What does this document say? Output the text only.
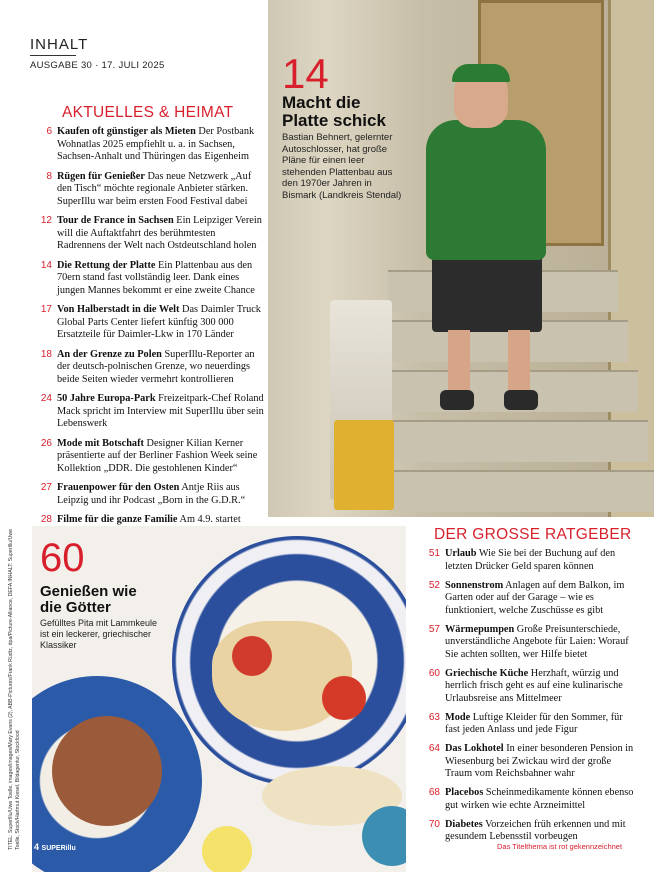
INHALT
AUSGABE 30 · 17. JULI 2025
AKTUELLES & HEIMAT
6 Kaufen oft günstiger als Mieten Der Postbank Wohnatlas 2025 empfiehlt u. a. in Sachsen, Sachsen-Anhalt und Thüringen das Eigenheim
8 Rügen für Genießer Das neue Netzwerk „Auf den Tisch“ möchte regionale Anbieter stärken. SuperIllu war beim ersten Food Festival dabei
12 Tour de France in Sachsen Ein Leipziger Verein will die Auftaktfahrt des berühmtesten Radrennens der Welt nach Ostdeutschland holen
14 Die Rettung der Platte Ein Plattenbau aus den 70ern stand fast vollständig leer. Dank eines jungen Mannes bekommt er eine zweite Chance
17 Von Halberstadt in die Welt Das Daimler Truck Global Parts Center liefert künftig 300 000 Ersatzteile für Daimler-Lkw in 170 Länder
18 An der Grenze zu Polen SuperIllu-Reporter an der deutsch-polnischen Grenze, wo neuerdings beide Seiten wieder vermehrt kontrollieren
24 50 Jahre Europa-Park Freizeitpark-Chef Roland Mack spricht im Interview mit SuperIllu über sein Lebenswerk
26 Mode mit Botschaft Designer Kilian Kerner präsentierte auf der Berliner Fashion Week seine Kollektion „DDR. Die gestohlenen Kinder“
27 Frauenpower für den Osten Antje Riis aus Leipzig und ihr Podcast „Born in the G.D.R.“
28 Filme für die ganze Familie Am 4.9. startet
14
Macht die
Platte schick
Bastian Behnert, gelernter Autoschlosser, hat große Pläne für einen leer stehenden Plattenbau aus den 1970er Jahren in Bismark (Landkreis Stendal)
60
Genießen wie
die Götter
Gefülltes Pita mit Lammkeule ist ein leckerer, griechischer Klassiker
TITEL: SuperIllu/Uwe Toelle, images/images/Mary Evans (2), ABB-Pictures/Frank Rüdtz, dpa/Picture-Alliance, DEFA INHALT: SuperIllu/Uwe Toelle, Stock/Hartmut Kiesel, Bildagentur, Stockfood 4 SUPERillu
DER GROSSE RATGEBER
51 Urlaub Wie Sie bei der Buchung auf den letzten Drücker Geld sparen können
52 Sonnenstrom Anlagen auf dem Balkon, im Garten oder auf der Garage – wie es funktioniert, welche Zuschüsse es gibt
57 Wärmepumpen Große Preisunterschiede, unverständliche Angebote für Laien: Worauf Sie achten sollten, wer Hilfe bietet
60 Griechische Küche Herzhaft, würzig und herrlich frisch geht es auf eine kulinarische Urlaubsreise ans Mittelmeer
63 Mode Luftige Kleider für den Sommer, für fast jeden Anlass und jede Figur
64 Das Lokhotel In einer besonderen Pension in Wiesenburg bei Zwickau wird der große Traum vom Reichsbahner wahr
68 Placebos Scheinmedikamente können ebenso gut wirken wie echte Arzneimittel
70 Diabetes Vorzeichen früh erkennen und mit gesundem Lebensstil vorbeugen
Das Titelthema ist rot gekennzeichnet
